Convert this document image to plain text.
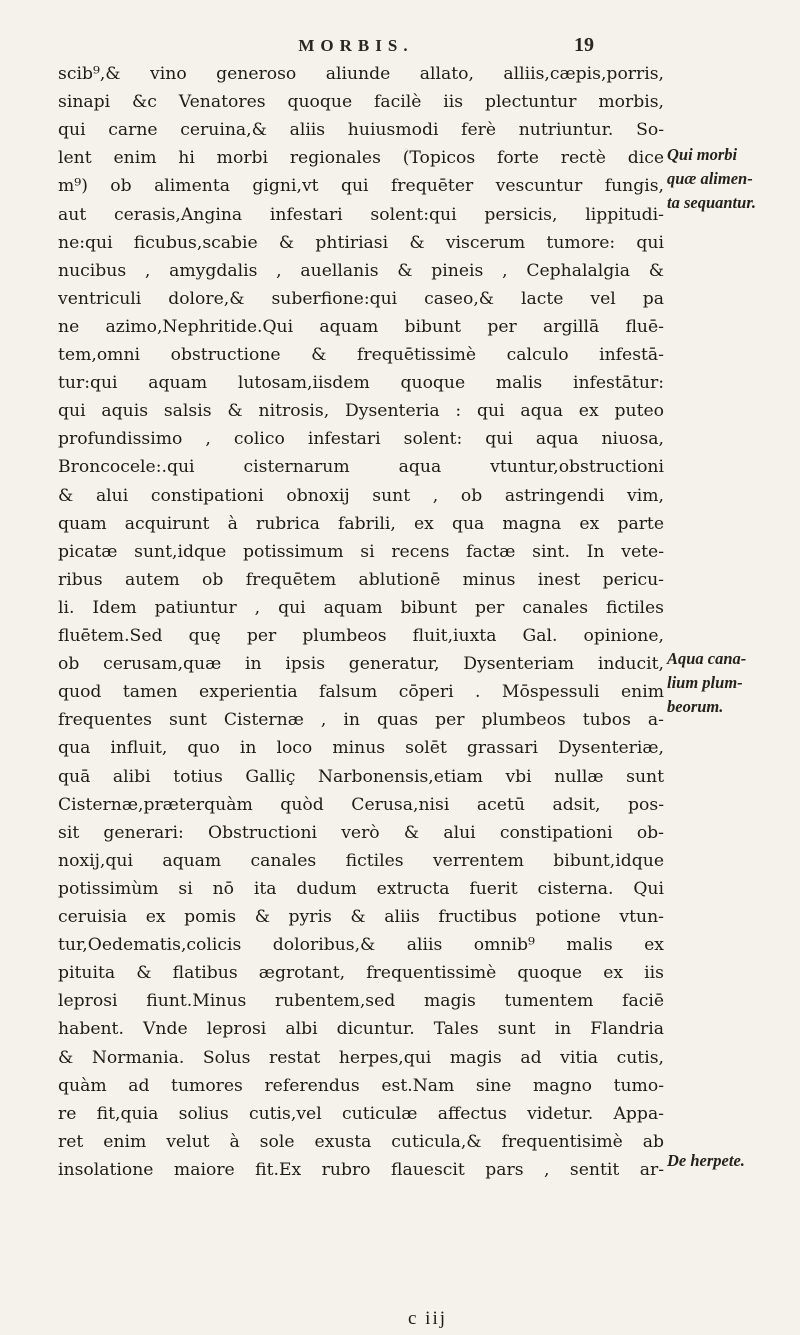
MORBIS.	19
scib⁹,& vino generoso aliunde allato, alliis,cæpis,porris,
sinapi &c Venatores quoque facilè iis plectuntur morbis,
qui carne ceruina,& aliis huiusmodi ferè nutriuntur. So-
lent enim hi morbi regionales (Topicos forte rectè dice
m⁹) ob alimenta gigni,vt qui frequēter vescuntur fungis,
aut cerasis,Angina infestari solent:qui persicis, lippitudi-
ne:qui ficubus,scabie & phtiriasi & viscerum tumore: qui
nucibus , amygdalis , auellanis & pineis , Cephalalgia &
ventriculi dolore,& suberfione:qui caseo,& lacte vel pa
ne azimo,Nephritide.Qui aquam bibunt per argillā fluē-
tem,omni obstructione & frequētissimè calculo infestā-
tur:qui aquam lutosam,iisdem quoque malis infestātur:
qui aquis salsis & nitrosis, Dysenteria : qui aqua ex puteo
profundissimo , colico infestari solent: qui aqua niuosa,
Broncocele:.qui cisternarum aqua vtuntur,obstructioni
& alui constipationi obnoxij sunt , ob astringendi vim,
quam acquirunt à rubrica fabrili, ex qua magna ex parte
picatæ sunt,idque potissimum si recens factæ sint. In vete-
ribus autem ob frequētem ablutionē minus inest pericu-
li. Idem patiuntur , qui aquam bibunt per canales fictiles
fluētem.Sed quę per plumbeos fluit,iuxta Gal. opinione,
ob cerusam,quæ in ipsis generatur, Dysenteriam inducit,
quod tamen experientia falsum cōperi . Mōspessuli enim
frequentes sunt Cisternæ , in quas per plumbeos tubos a-
qua influit, quo in loco minus solēt grassari Dysenteriæ,
quā alibi totius Galliç Narbonensis,etiam vbi nullæ sunt
Cisternæ,præterquàm quòd Cerusa,nisi acetū adsit, pos-
sit generari: Obstructioni verò & alui constipationi ob-
noxij,qui aquam canales fictiles verrentem bibunt,idque
potissimùm si nō ita dudum extructa fuerit cisterna. Qui
ceruisia ex pomis & pyris & aliis fructibus potione vtun-
tur,Oedematis,colicis doloribus,& aliis omnib⁹ malis ex
pituita & flatibus ægrotant, frequentissimè quoque ex iis
leprosi fiunt.Minus rubentem,sed magis tumentem faciē
habent. Vnde leprosi albi dicuntur. Tales sunt in Flandria
& Normania. Solus restat herpes,qui magis ad vitia cutis,
quàm ad tumores referendus est.Nam sine magno tumo-
re fit,quia solius cutis,vel cuticulæ affectus videtur. Appa-
ret enim velut à sole exusta cuticula,& frequentisimè ab
insolatione maiore fit.Ex rubro flauescit pars , sentit ar-
Qui morbi
quæ alimen-
ta sequantur.
Aqua cana-
lium plum-
beorum.
De herpete.
c iij
